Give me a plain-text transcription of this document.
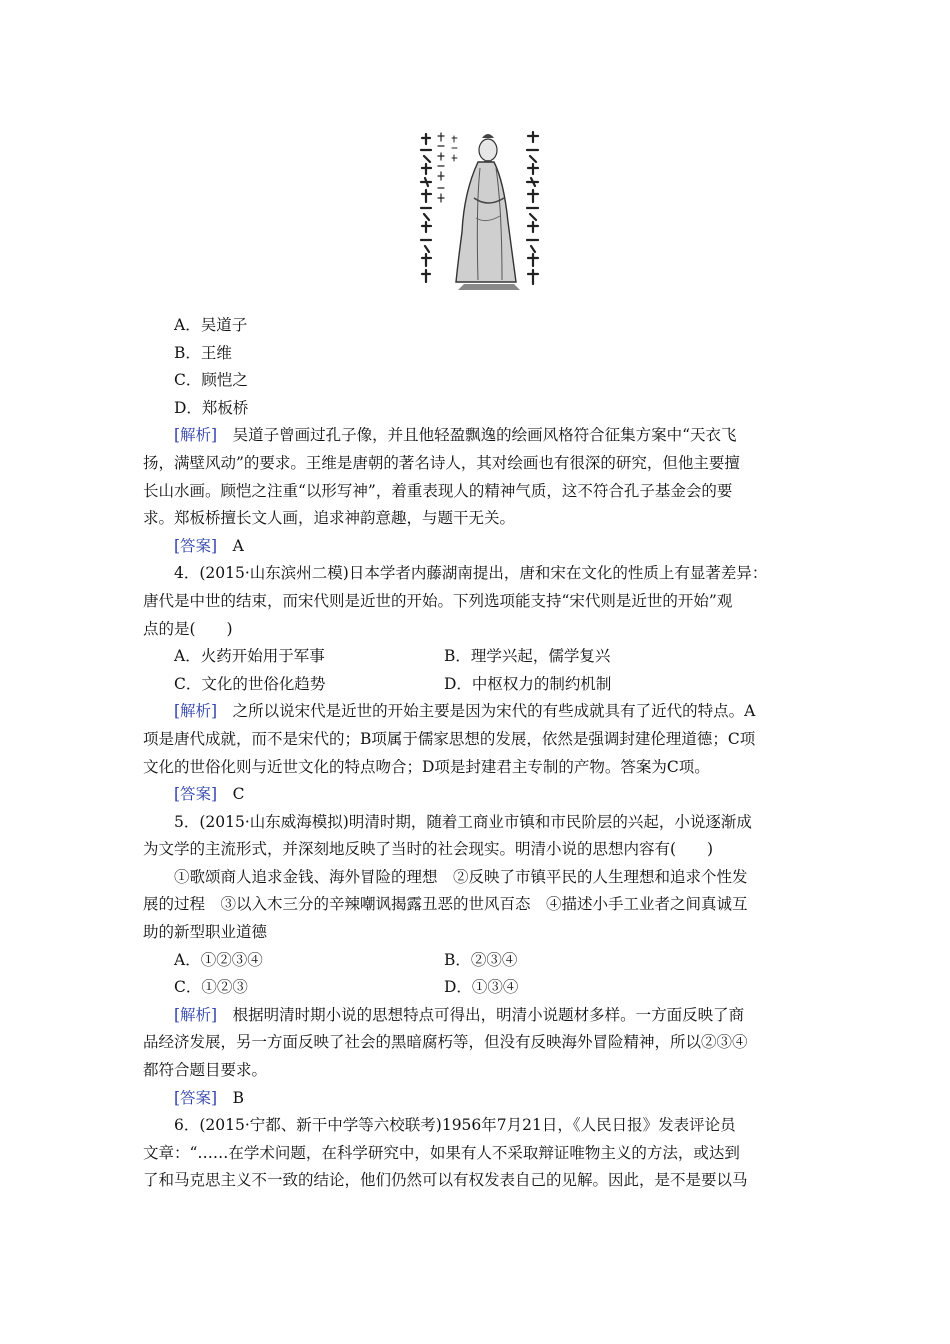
A．吴道子
B．王维
C．顾恺之
D．郑板桥
[解析]　 吴道子曾画过孔子像，并且他轻盈飘逸的绘画风格符合征集方案中“天衣飞
扬，满壁风动”的要求。王维是唐朝的著名诗人，其对绘画也有很深的研究，但他主要擅
长山水画。顾恺之注重“以形写神”，着重表现人的精神气质，这不符合孔子基金会的要
求。郑板桥擅长文人画，追求神韵意趣，与题干无关。
[答案]　 A
4．(2015·山东滨州二模)日本学者内藤湖南提出，唐和宋在文化的性质上有显著差异：
唐代是中世的结束，而宋代则是近世的开始。下列选项能支持“宋代则是近世的开始”观
点的是(　　)
A．火药开始用于军事	B．理学兴起，儒学复兴
C．文化的世俗化趋势	D．中枢权力的制约机制
[解析]　 之所以说宋代是近世的开始主要是因为宋代的有些成就具有了近代的特点。A
项是唐代成就，而不是宋代的；B项属于儒家思想的发展，依然是强调封建伦理道德；C项
文化的世俗化则与近世文化的特点吻合；D项是封建君主专制的产物。答案为C项。
[答案]　 C
5．(2015·山东威海模拟)明清时期，随着工商业市镇和市民阶层的兴起，小说逐渐成
为文学的主流形式，并深刻地反映了当时的社会现实。明清小说的思想内容有(　　)
①歌颂商人追求金钱、海外冒险的理想　②反映了市镇平民的人生理想和追求个性发
展的过程　③以入木三分的辛辣嘲讽揭露丑恶的世风百态　④描述小手工业者之间真诚互
助的新型职业道德
A．①②③④	B．②③④
C．①②③	D．①③④
[解析]　 根据明清时期小说的思想特点可得出，明清小说题材多样。一方面反映了商
品经济发展，另一方面反映了社会的黑暗腐朽等，但没有反映海外冒险精神，所以②③④
都符合题目要求。
[答案]　 B
6．(2015·宁都、新干中学等六校联考)1956年7月21日，《人民日报》发表评论员
文章：“……在学术问题，在科学研究中，如果有人不采取辩证唯物主义的方法，或达到
了和马克思主义不一致的结论，他们仍然可以有权发表自己的见解。因此，是不是要以马
